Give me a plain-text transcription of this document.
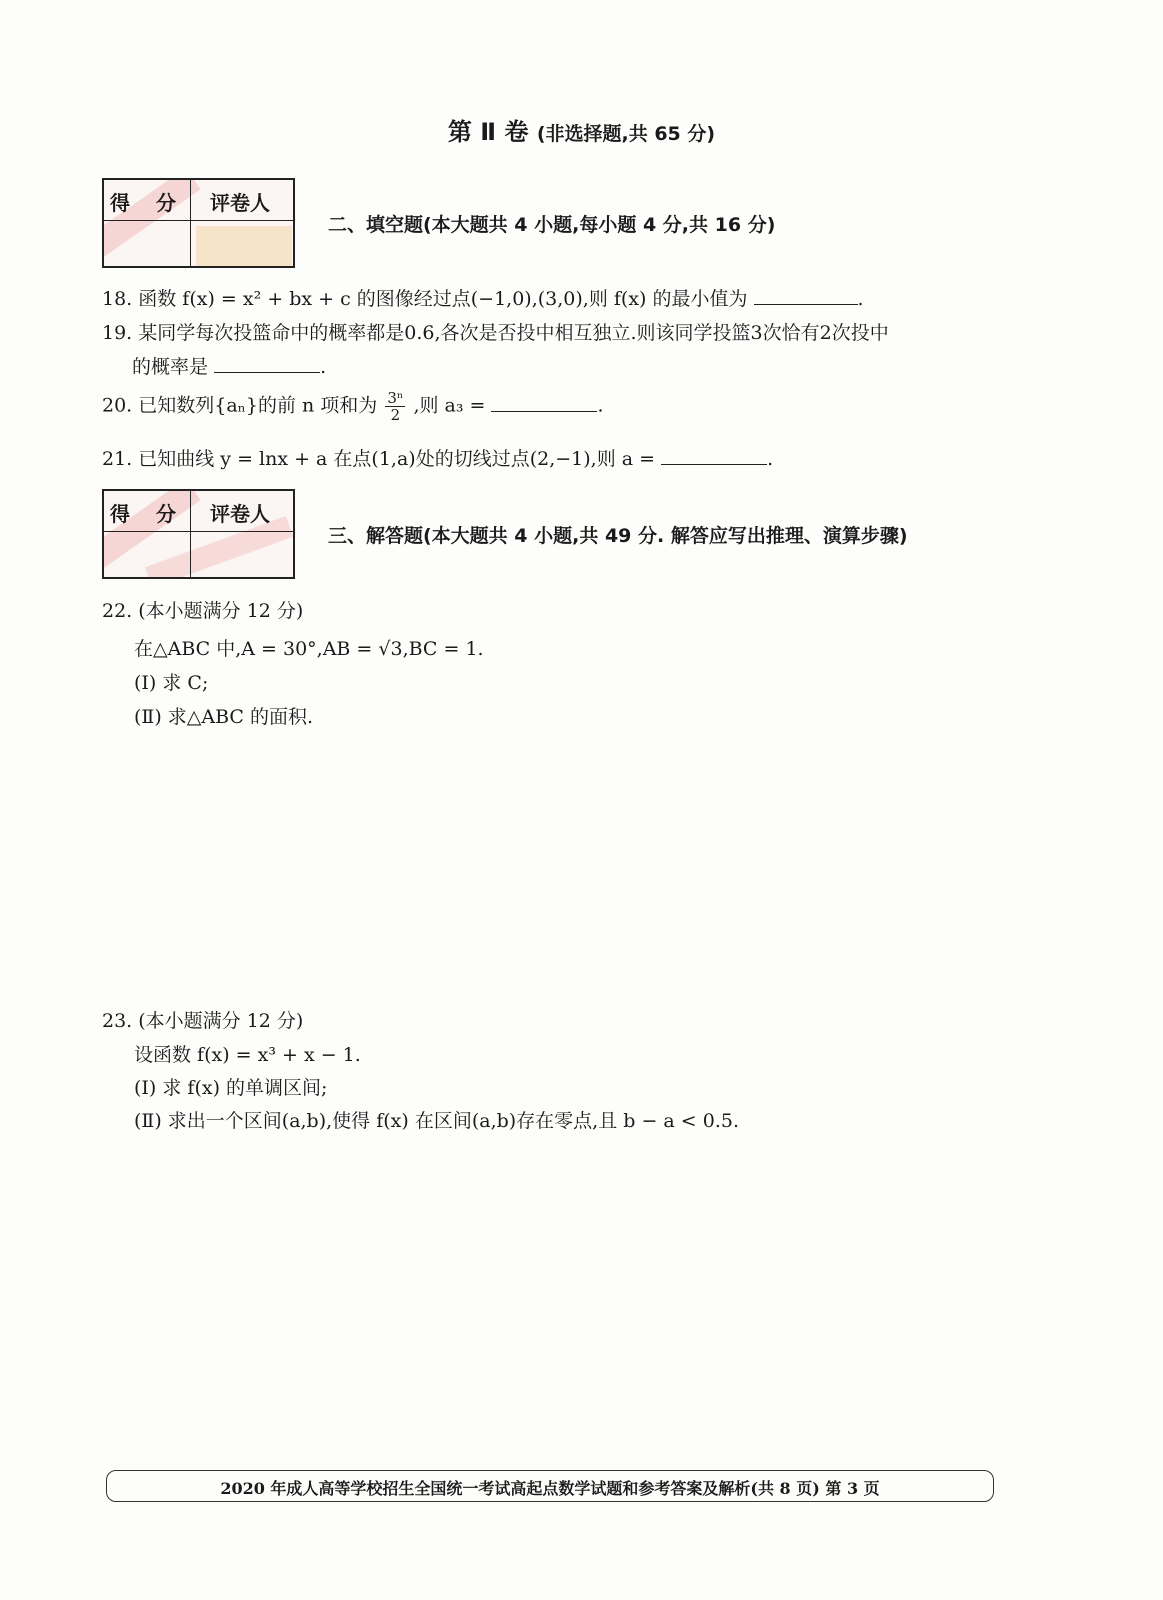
第 Ⅱ 卷 (非选择题,共 65 分)
得分 评卷人
二、填空题(本大题共 4 小题,每小题 4 分,共 16 分)
18. 函数 f(x) = x² + bx + c 的图像经过点(−1,0),(3,0),则 f(x) 的最小值为	.
19. 某同学每次投篮命中的概率都是0.6,各次是否投中相互独立.则该同学投篮3次恰有2次投中
的概率是	.
20. 已知数列{aₙ}的前 n 项和为 $\frac{\text{3ⁿ}}{2}$ ,则 a₃ =	.
21. 已知曲线 y = lnx + a 在点(1,a)处的切线过点(2,−1),则 a =	.
得分 评卷人
三、解答题(本大题共 4 小题,共 49 分. 解答应写出推理、演算步骤)
22. (本小题满分 12 分)
在△ABC 中,A = 30°,AB = √3,BC = 1.
(Ⅰ) 求 C;
(Ⅱ) 求△ABC 的面积.
23. (本小题满分 12 分)
设函数 f(x) = x³ + x − 1.
(Ⅰ) 求 f(x) 的单调区间;
(Ⅱ) 求出一个区间(a,b),使得 f(x) 在区间(a,b)存在零点,且 b − a < 0.5.
2020 年成人高等学校招生全国统一考试高起点数学试题和参考答案及解析(共 8 页) 第 3 页
